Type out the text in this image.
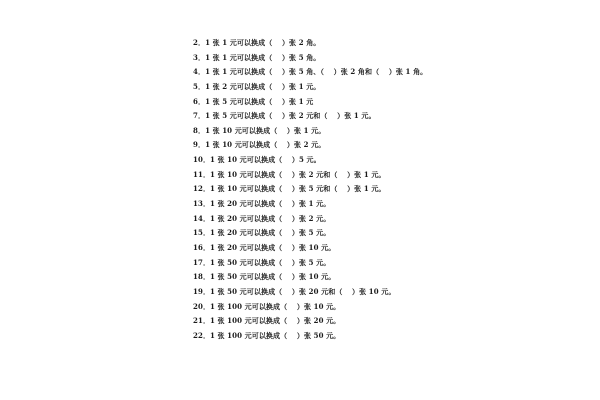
2．1 张 1 元可以换成（　 ）张 2 角。
3．1 张 1 元可以换成（　 ）张 5 角。
4．1 张 1 元可以换成（　 ）张 5 角、（　 ）张 2 角和（　 ）张 1 角。
5．1 张 2 元可以换成（　 ）张 1 元。
6．1 张 5 元可以换成（　 ）张 1 元
7．1 张 5 元可以换成（　 ）张 2 元和（　 ）张 1 元。
8．1 张 10 元可以换成（　 ）张 1 元。
9．1 张 10 元可以换成（　 ）张 2 元。
10．1 张 10 元可以换成（　 ）5 元。
11．1 张 10 元可以换成（　 ）张 2 元和（　 ）张 1 元。
12．1 张 10 元可以换成（　 ）张 5 元和（　 ）张 1 元。
13．1 张 20 元可以换成（　 ）张 1 元。
14．1 张 20 元可以换成（　 ）张 2 元。
15．1 张 20 元可以换成（　 ）张 5 元。
16．1 张 20 元可以换成（　 ）张 10 元。
17．1 张 50 元可以换成（　 ）张 5 元。
18．1 张 50 元可以换成（　 ）张 10 元。
19．1 张 50 元可以换成（　 ）张 20 元和（　 ）张 10 元。
20．1 张 100 元可以换成（　 ）张 10 元。
21．1 张 100 元可以换成（　 ）张 20 元。
22．1 张 100 元可以换成（　 ）张 50 元。
